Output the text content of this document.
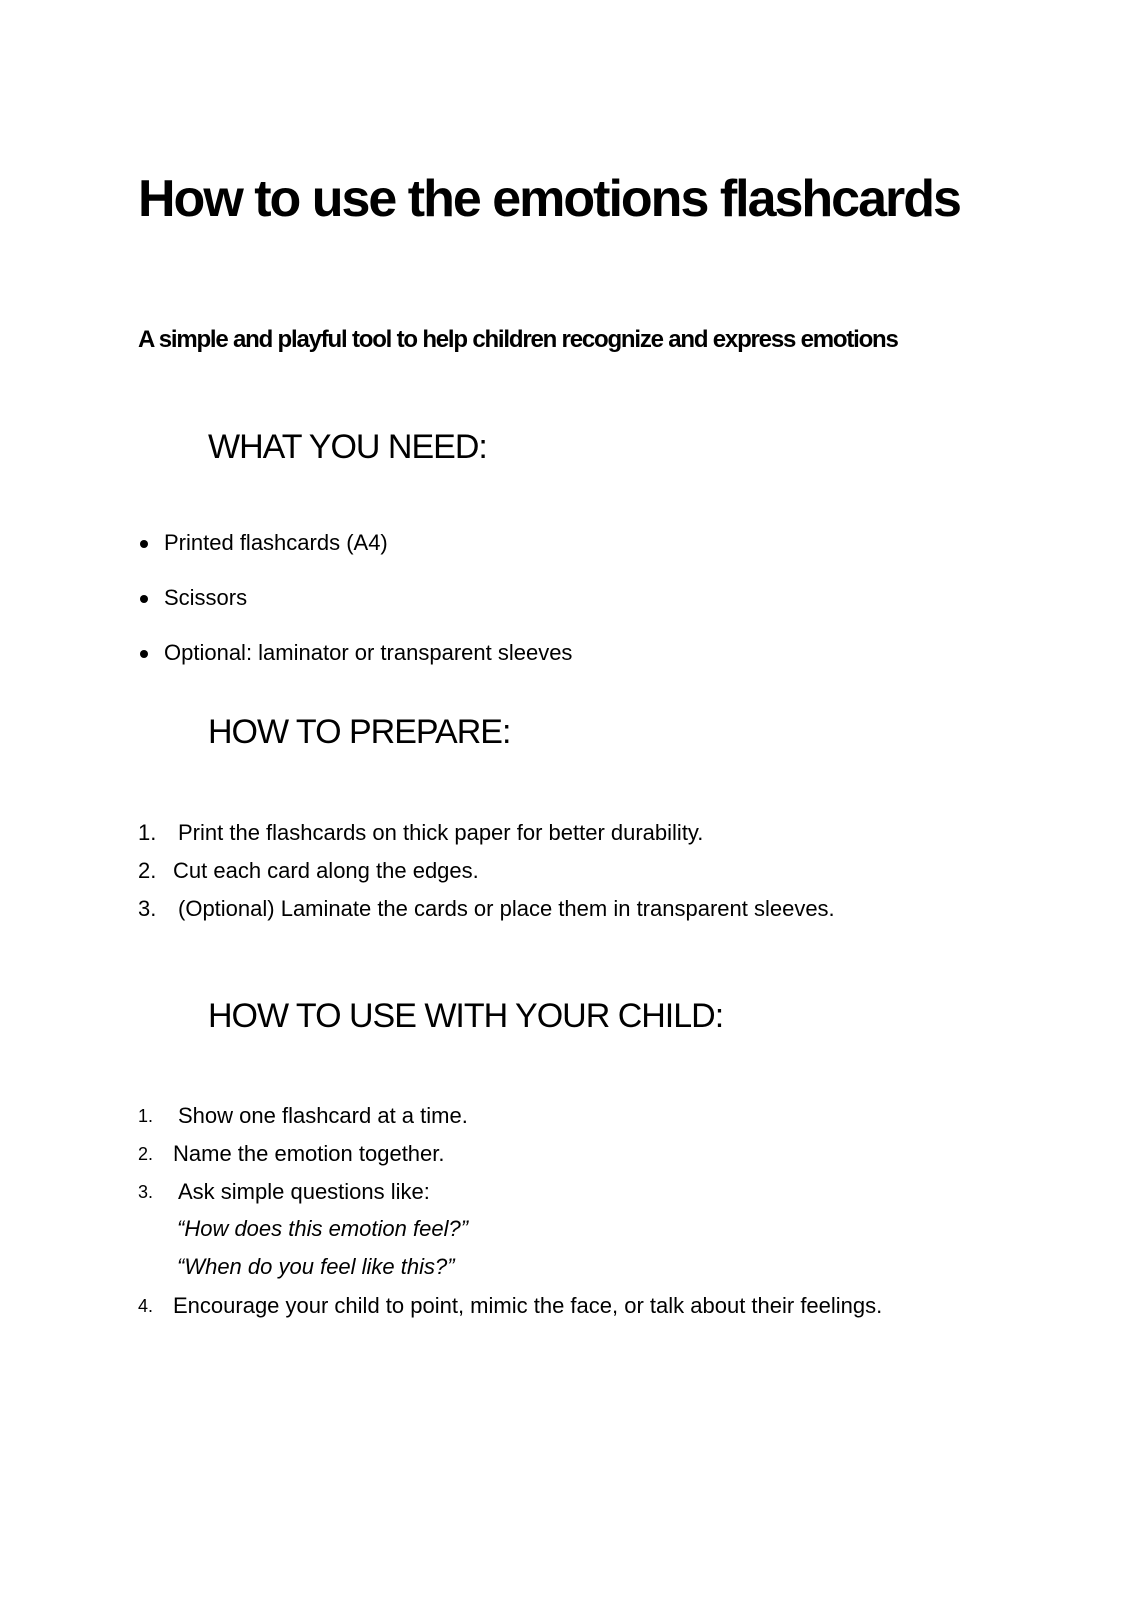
How to use the emotions flashcards

A simple and playful tool to help children recognize and express emotions

WHAT YOU NEED:
Printed flashcards (A4)
Scissors
Optional: laminator or transparent sleeves
HOW TO PREPARE:
1. Print the flashcards on thick paper for better durability.
2. Cut each card along the edges.
3. (Optional) Laminate the cards or place them in transparent sleeves.
HOW TO USE WITH YOUR CHILD:
1. Show one flashcard at a time.
2. Name the emotion together.
3. Ask simple questions like:

“How does this emotion feel?”

“When do you feel like this?”

4. Encourage your child to point, mimic the face, or talk about their feelings.
